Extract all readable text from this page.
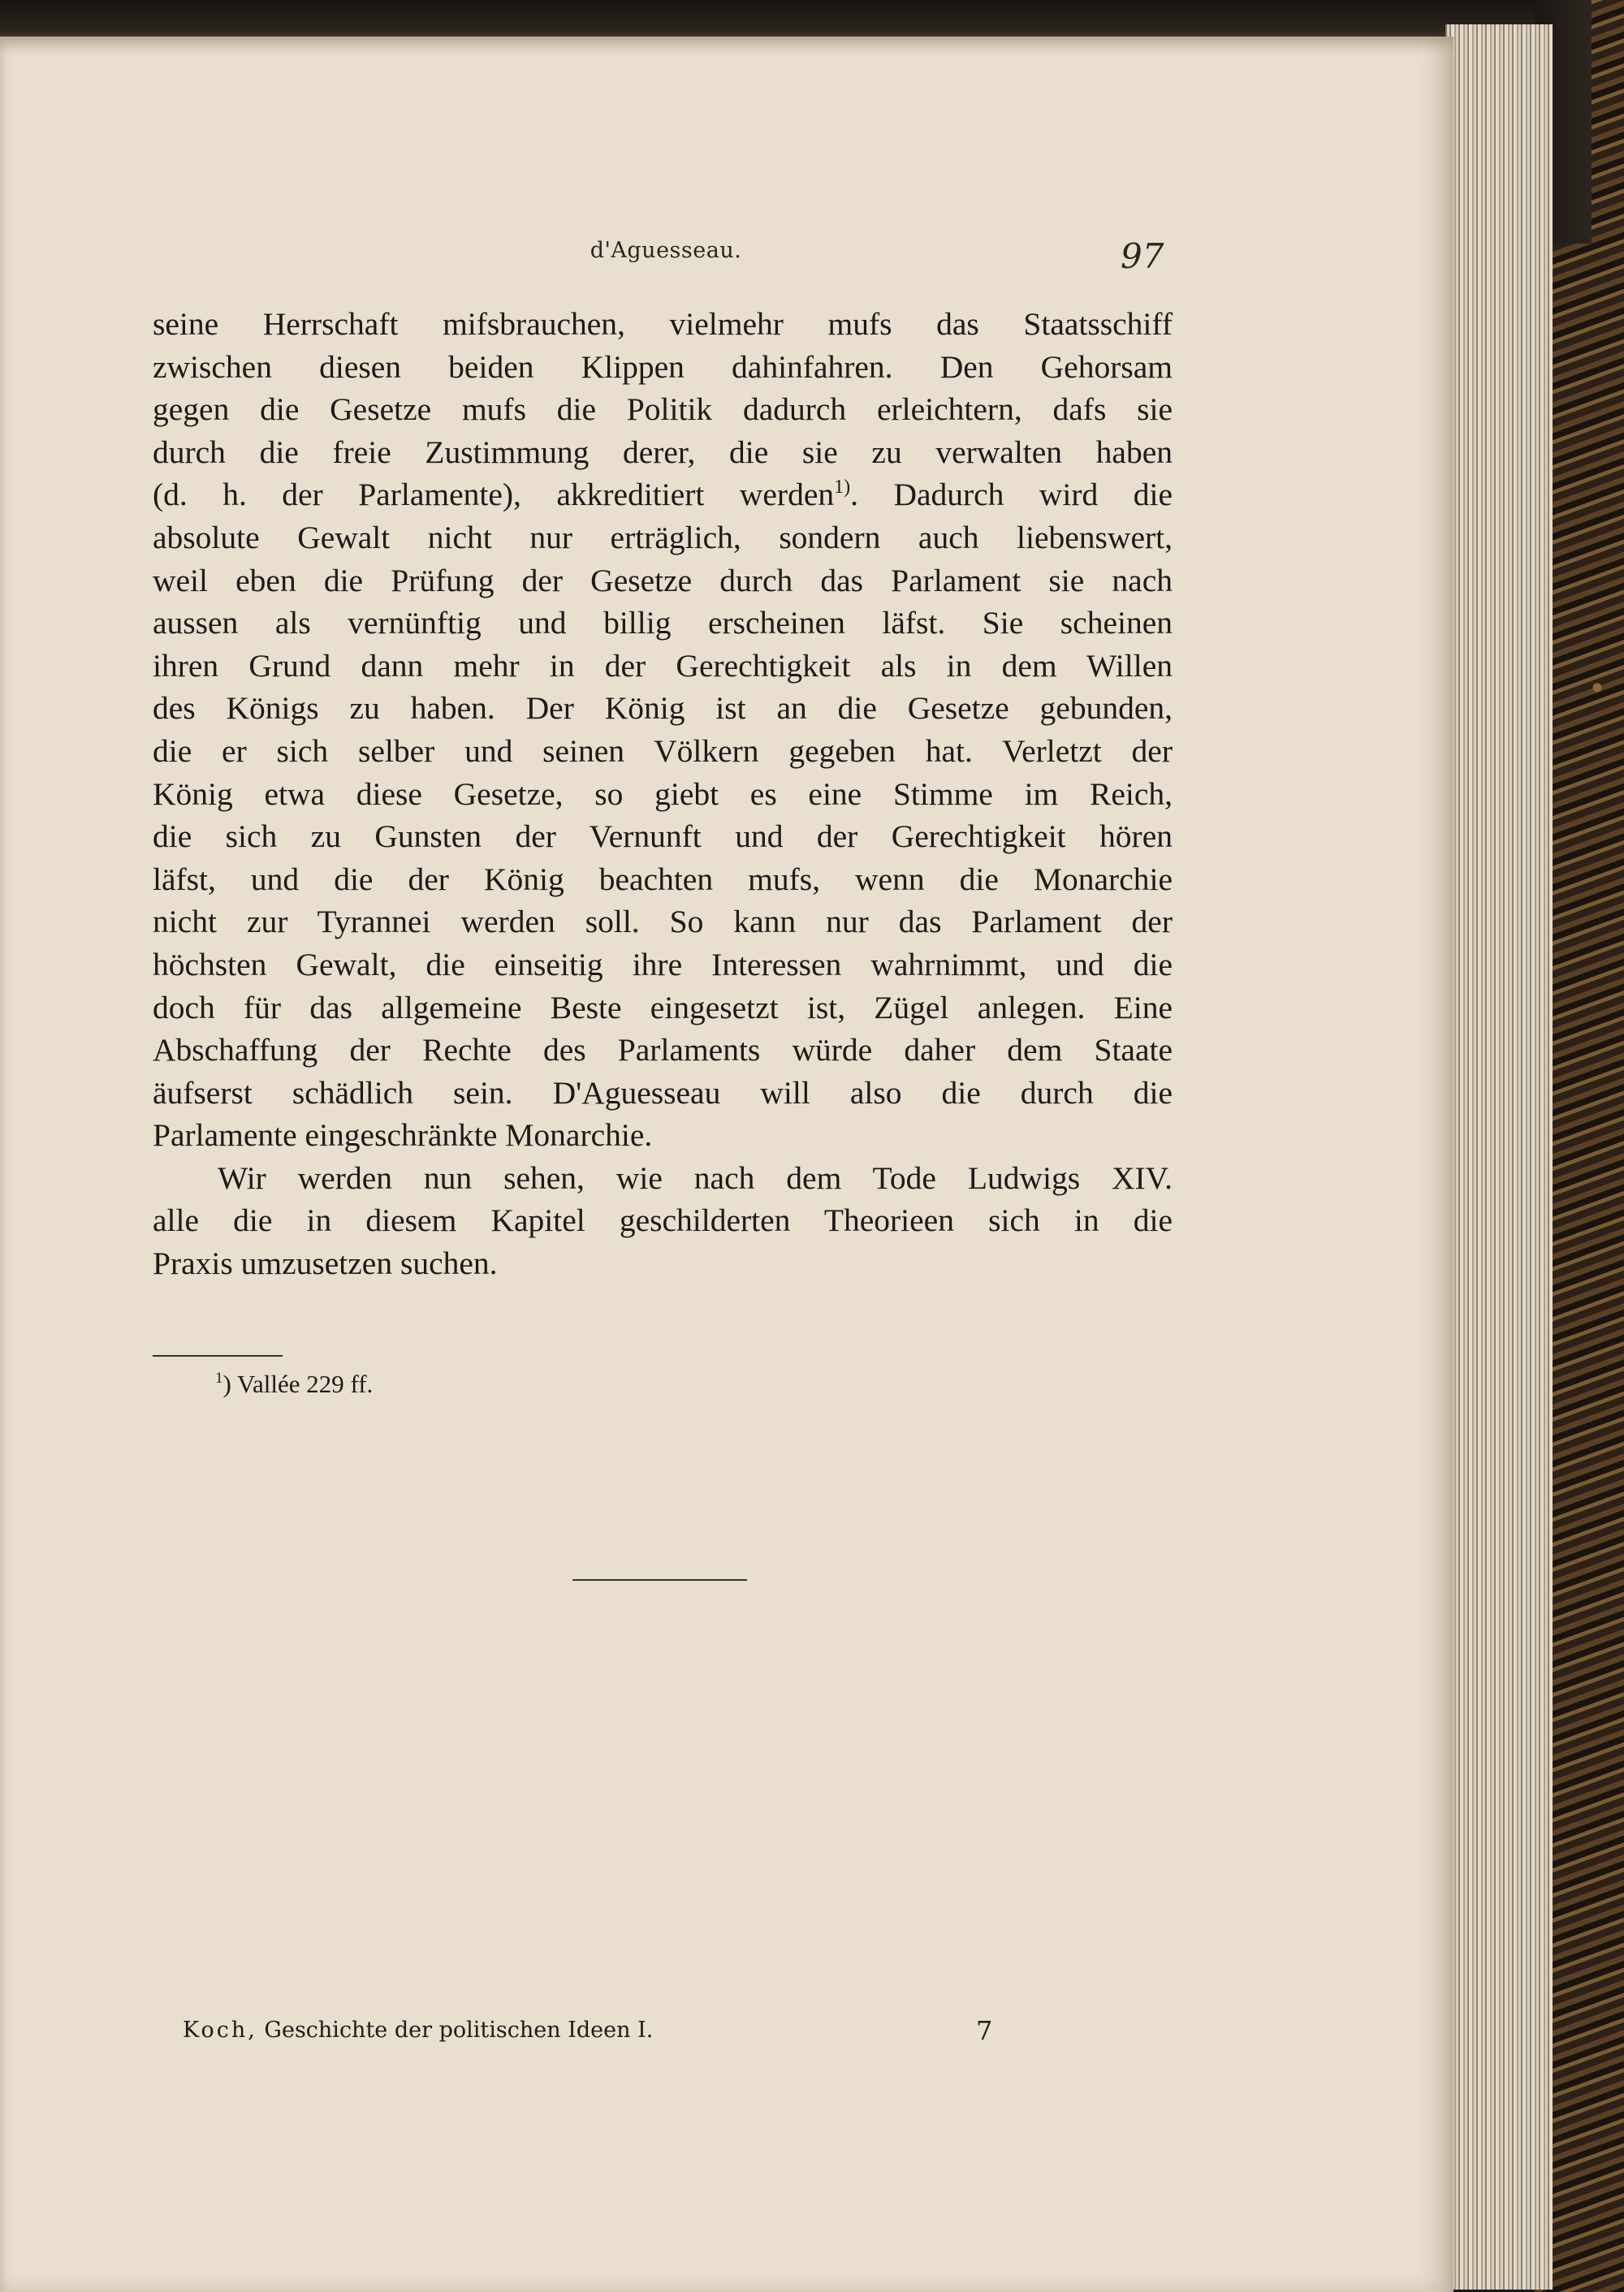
d'Aguesseau.	97
seine Herrschaft mifsbrauchen, vielmehr mufs das Staatsschiff
zwischen diesen beiden Klippen dahinfahren. Den Gehorsam
gegen die Gesetze mufs die Politik dadurch erleichtern, dafs sie
durch die freie Zustimmung derer, die sie zu verwalten haben
(d. h. der Parlamente), akkreditiert werden$^{1)}$. Dadurch wird die
absolute Gewalt nicht nur erträglich, sondern auch liebenswert,
weil eben die Prüfung der Gesetze durch das Parlament sie nach
aussen als vernünftig und billig erscheinen läfst. Sie scheinen
ihren Grund dann mehr in der Gerechtigkeit als in dem Willen
des Königs zu haben. Der König ist an die Gesetze gebunden,
die er sich selber und seinen Völkern gegeben hat. Verletzt der
König etwa diese Gesetze, so giebt es eine Stimme im Reich,
die sich zu Gunsten der Vernunft und der Gerechtigkeit hören
läfst, und die der König beachten mufs, wenn die Monarchie
nicht zur Tyrannei werden soll. So kann nur das Parlament der
höchsten Gewalt, die einseitig ihre Interessen wahrnimmt, und die
doch für das allgemeine Beste eingesetzt ist, Zügel anlegen. Eine
Abschaffung der Rechte des Parlaments würde daher dem Staate
äufserst schädlich sein. D'Aguesseau will also die durch die
Parlamente eingeschränkte Monarchie.
Wir werden nun sehen, wie nach dem Tode Ludwigs XIV.
alle die in diesem Kapitel geschilderten Theorieen sich in die
Praxis umzusetzen suchen.
$^1$) Vallée 229 ff.
Koch, Geschichte der politischen Ideen I.	7
